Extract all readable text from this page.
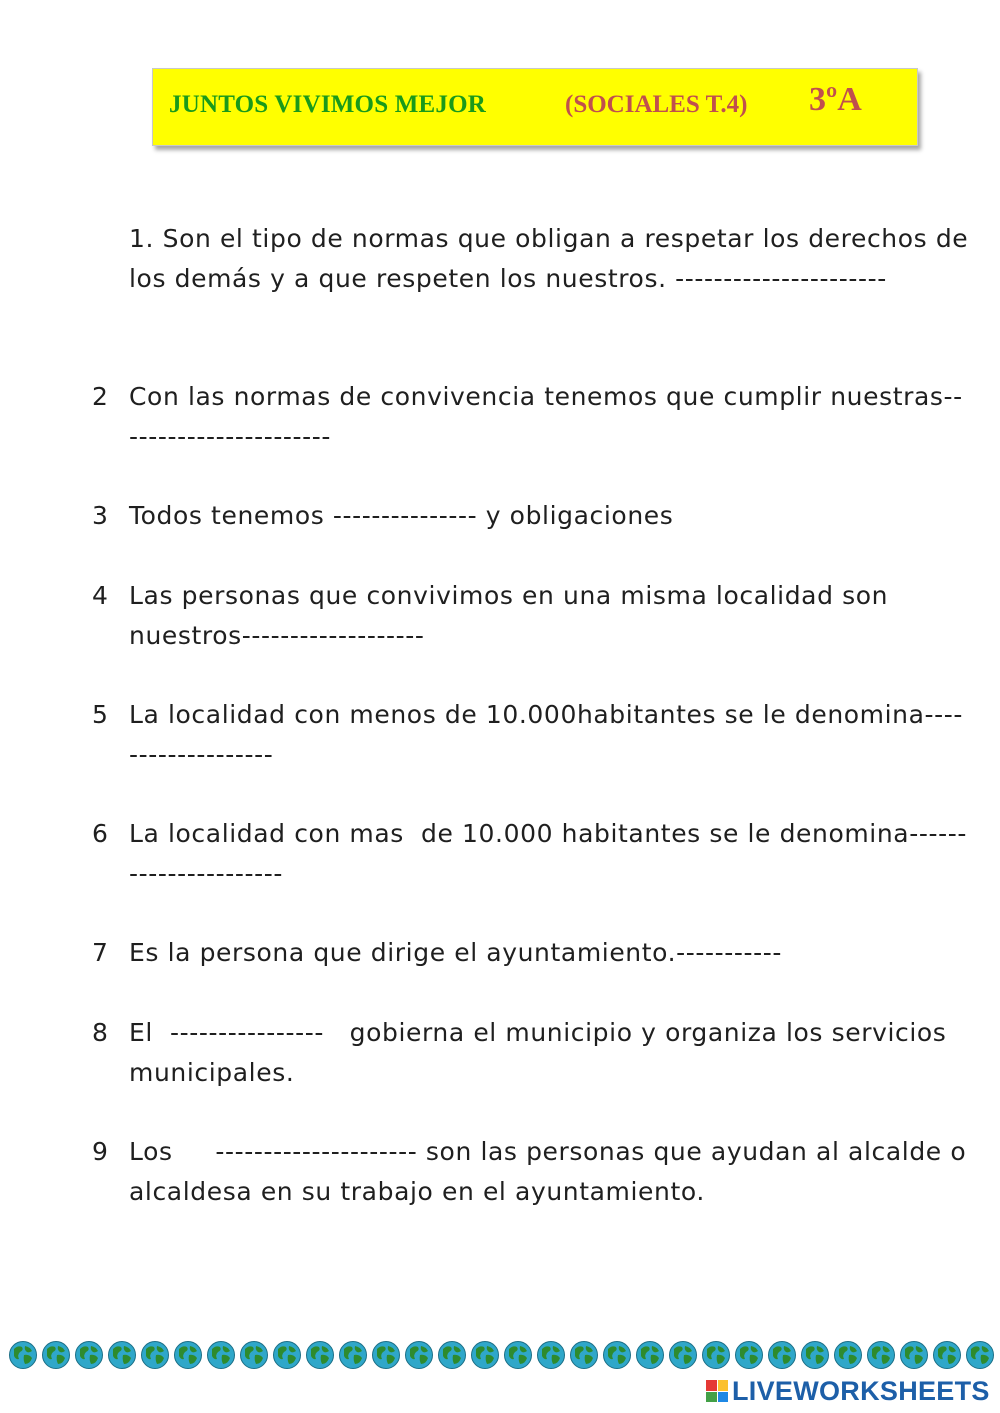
JUNTOS VIVIMOS MEJOR	(SOCIALES T.4) 3ºA
1. Son el tipo de normas que obligan a respetar los derechos de los demás y a que respeten los nuestros. ----------------------
2 Con las normas de convivencia tenemos que cumplir nuestras-----------------------
3 Todos tenemos --------------- y obligaciones
4 Las personas que convivimos en una misma localidad son nuestros-------------------
5 La localidad con menos de 10.000habitantes se le denomina-------------------
6 La localidad con mas  de 10.000 habitantes se le denomina----------------------
7 Es la persona que dirige el ayuntamiento.-----------
8 El  ----------------   gobierna el municipio y organiza los servicios municipales.
9 Los     --------------------- son las personas que ayudan al alcalde o alcaldesa en su trabajo en el ayuntamiento.
LIVEWORKSHEETS
